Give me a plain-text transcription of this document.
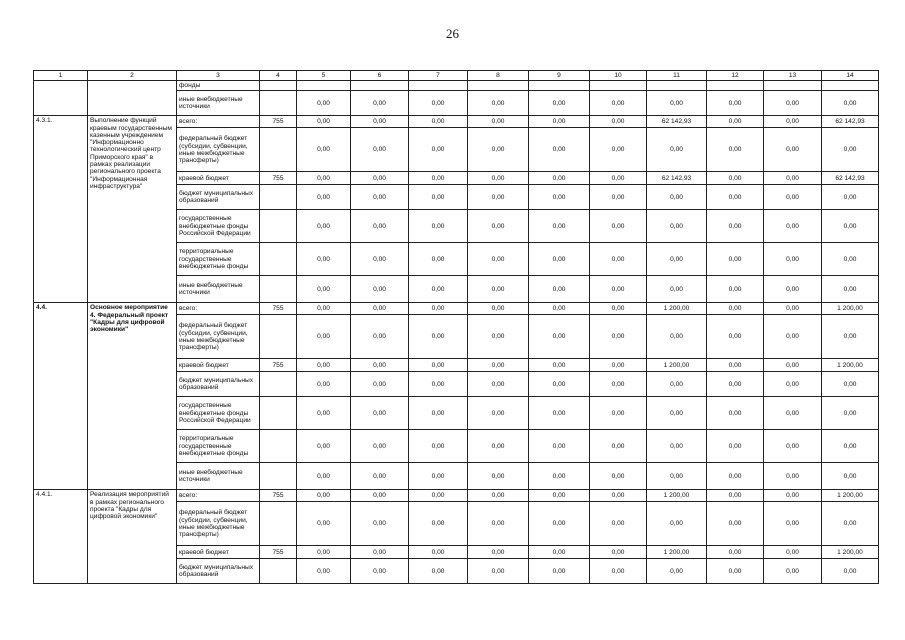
26
1	2	3	4	5	6	7	8	9	10	11	12	13	14
		фонды											
		иные внебюджетные источники		0,00	0,00	0,00	0,00	0,00	0,00	0,00	0,00	0,00	0,00
4.3.1.	Выполнение функций краевым государственным казенным учреждением "Информационно технологический центр Приморского края" в рамках реализации регионального проекта "Информационная инфраструктура"	всего:	755	0,00	0,00	0,00	0,00	0,00	0,00	62 142,93	0,00	0,00	62 142,93
		федеральный бюджет (субсидии, субвенции, иные межбюджетные трансферты)		0,00	0,00	0,00	0,00	0,00	0,00	0,00	0,00	0,00	0,00
		краевой бюджет	755	0,00	0,00	0,00	0,00	0,00	0,00	62 142,93	0,00	0,00	62 142,93
		бюджет муниципальных образований		0,00	0,00	0,00	0,00	0,00	0,00	0,00	0,00	0,00	0,00
		государственные внебюджетные фонды Российской Федерации		0,00	0,00	0,00	0,00	0,00	0,00	0,00	0,00	0,00	0,00
		территориальные государственные внебюджетные фонды		0,00	0,00	0,00	0,00	0,00	0,00	0,00	0,00	0,00	0,00
		иные внебюджетные источники		0,00	0,00	0,00	0,00	0,00	0,00	0,00	0,00	0,00	0,00
4.4.	Основное мероприятие 4. Федеральный проект "Кадры для цифровой экономики"	всего:	755	0,00	0,00	0,00	0,00	0,00	0,00	1 200,00	0,00	0,00	1 200,00
		федеральный бюджет (субсидии, субвенции, иные межбюджетные трансферты)		0,00	0,00	0,00	0,00	0,00	0,00	0,00	0,00	0,00	0,00
		краевой бюджет	755	0,00	0,00	0,00	0,00	0,00	0,00	1 200,00	0,00	0,00	1 200,00
		бюджет муниципальных образований		0,00	0,00	0,00	0,00	0,00	0,00	0,00	0,00	0,00	0,00
		государственные внебюджетные фонды Российской Федерации		0,00	0,00	0,00	0,00	0,00	0,00	0,00	0,00	0,00	0,00
		территориальные государственные внебюджетные фонды		0,00	0,00	0,00	0,00	0,00	0,00	0,00	0,00	0,00	0,00
		иные внебюджетные источники		0,00	0,00	0,00	0,00	0,00	0,00	0,00	0,00	0,00	0,00
4.4.1.	Реализация мероприятий в рамках регионального проекта "Кадры для цифровой экономики"	всего:	755	0,00	0,00	0,00	0,00	0,00	0,00	1 200,00	0,00	0,00	1 200,00
		федеральный бюджет (субсидии, субвенции, иные межбюджетные трансферты)		0,00	0,00	0,00	0,00	0,00	0,00	0,00	0,00	0,00	0,00
		краевой бюджет	755	0,00	0,00	0,00	0,00	0,00	0,00	1 200,00	0,00	0,00	1 200,00
		бюджет муниципальных образований		0,00	0,00	0,00	0,00	0,00	0,00	0,00	0,00	0,00	0,00
